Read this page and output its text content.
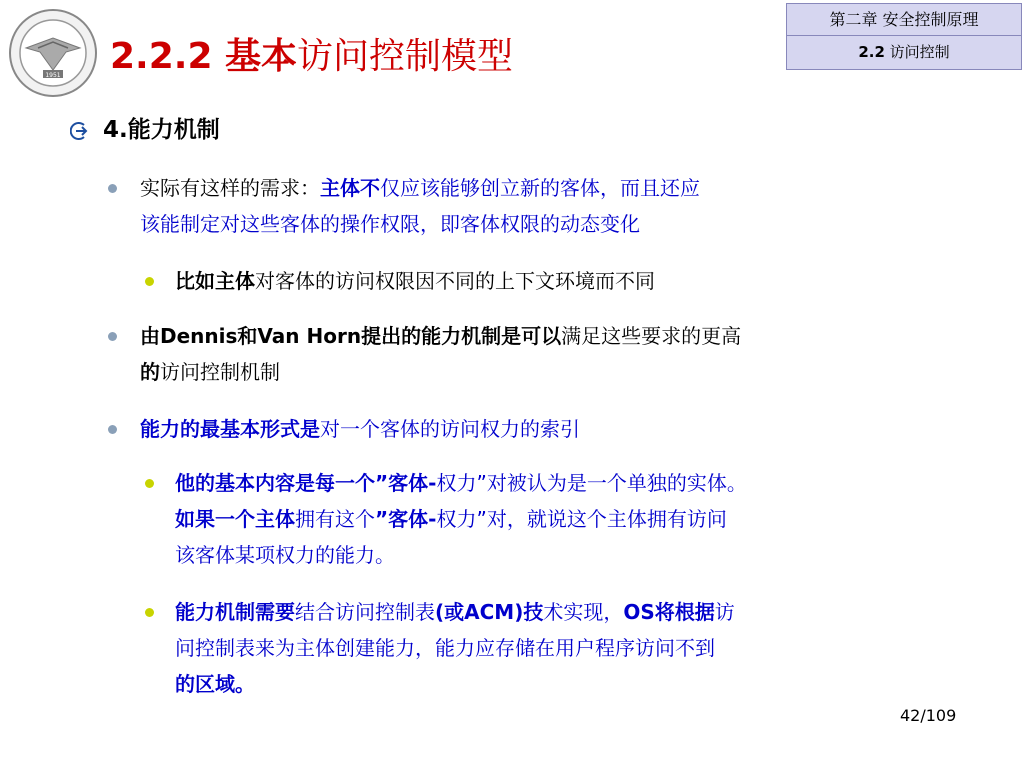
1951 2.2.2 基本访问控制模型
第二章 安全控制原理
2.2 访问控制
4.能力机制
实际有这样的需求：主体不仅应该能够创立新的客体，而且还应
该能制定对这些客体的操作权限，即客体权限的动态变化
比如主体对客体的访问权限因不同的上下文环境而不同
由Dennis和Van Horn提出的能力机制是可以满足这些要求的更高
的访问控制机制
能力的最基本形式是对一个客体的访问权力的索引
他的基本内容是每一个”客体-权力”对被认为是一个单独的实体。
如果一个主体拥有这个”客体-权力”对，就说这个主体拥有访问
该客体某项权力的能力。
能力机制需要结合访问控制表(或ACM)技术实现，OS将根据访
问控制表来为主体创建能力，能力应存储在用户程序访问不到
的区域。
42/109
